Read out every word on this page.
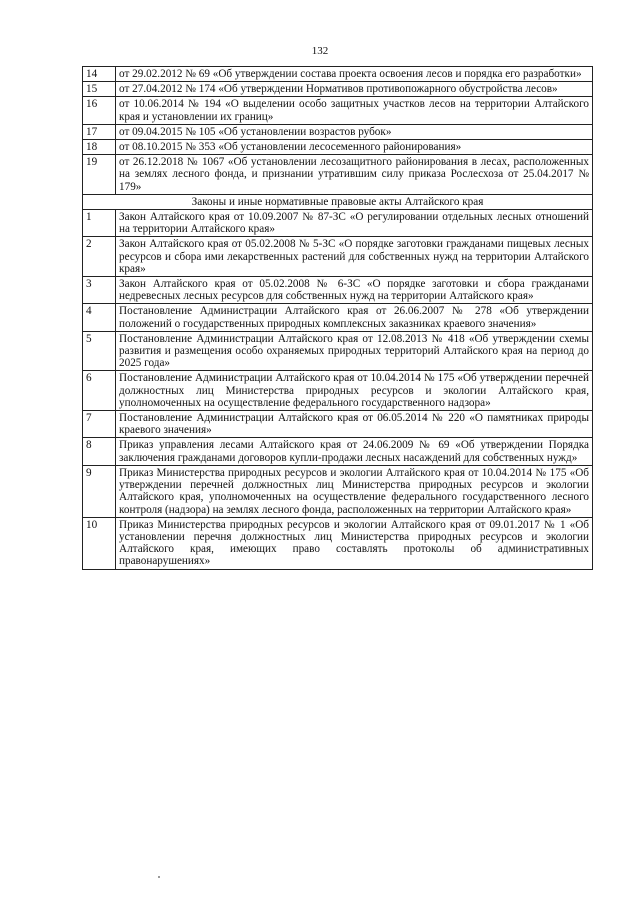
132
14	от 29.02.2012 № 69 «Об утверждении состава проекта освоения лесов и порядка его разработки»
15	от 27.04.2012 № 174 «Об утверждении Нормативов противопожарного обустройства лесов»
16	от 10.06.2014 № 194 «О выделении особо защитных участков лесов на территории Алтайского края и установлении их границ»
17	от 09.04.2015 № 105 «Об установлении возрастов рубок»
18	от 08.10.2015 № 353 «Об установлении лесосеменного районирования»
19	от 26.12.2018 № 1067 «Об установлении лесозащитного районирования в лесах, расположенных на землях лесного фонда, и признании утратившим силу приказа Рослесхоза от 25.04.2017 № 179»
Законы и иные нормативные правовые акты Алтайского края	
1	Закон Алтайского края от 10.09.2007 № 87-ЗС «О регулировании отдельных лесных отношений на территории Алтайского края»
2	Закон Алтайского края от 05.02.2008 № 5-ЗС «О порядке заготовки гражданами пищевых лесных ресурсов и сбора ими лекарственных растений для собственных нужд на территории Алтайского края»
3	Закон Алтайского края от 05.02.2008 № 6-ЗС «О порядке заготовки и сбора гражданами недревесных лесных ресурсов для собственных нужд на территории Алтайского края»
4	Постановление Администрации Алтайского края от 26.06.2007 № 278 «Об утверждении положений о государственных природных комплексных заказниках краевого значения»
5	Постановление Администрации Алтайского края от 12.08.2013 № 418 «Об утверждении схемы развития и размещения особо охраняемых природных территорий Алтайского края на период до 2025 года»
6	Постановление Администрации Алтайского края от 10.04.2014 № 175 «Об утверждении перечней должностных лиц Министерства природных ресурсов и экологии Алтайского края, уполномоченных на осуществление федерального государственного надзора»
7	Постановление Администрации Алтайского края от 06.05.2014 № 220 «О памятниках природы краевого значения»
8	Приказ управления лесами Алтайского края от 24.06.2009 № 69 «Об утверждении Порядка заключения гражданами договоров купли-продажи лесных насаждений для собственных нужд»
9	Приказ Министерства природных ресурсов и экологии Алтайского края от 10.04.2014 № 175 «Об утверждении перечней должностных лиц Министерства природных ресурсов и экологии Алтайского края, уполномоченных на осуществление федерального государственного лесного контроля (надзора) на землях лесного фонда, расположенных на территории Алтайского края»
10	Приказ Министерства природных ресурсов и экологии Алтайского края от 09.01.2017 № 1 «Об установлении перечня должностных лиц Министерства природных ресурсов и экологии Алтайского края, имеющих право составлять протоколы об административных правонарушениях»
